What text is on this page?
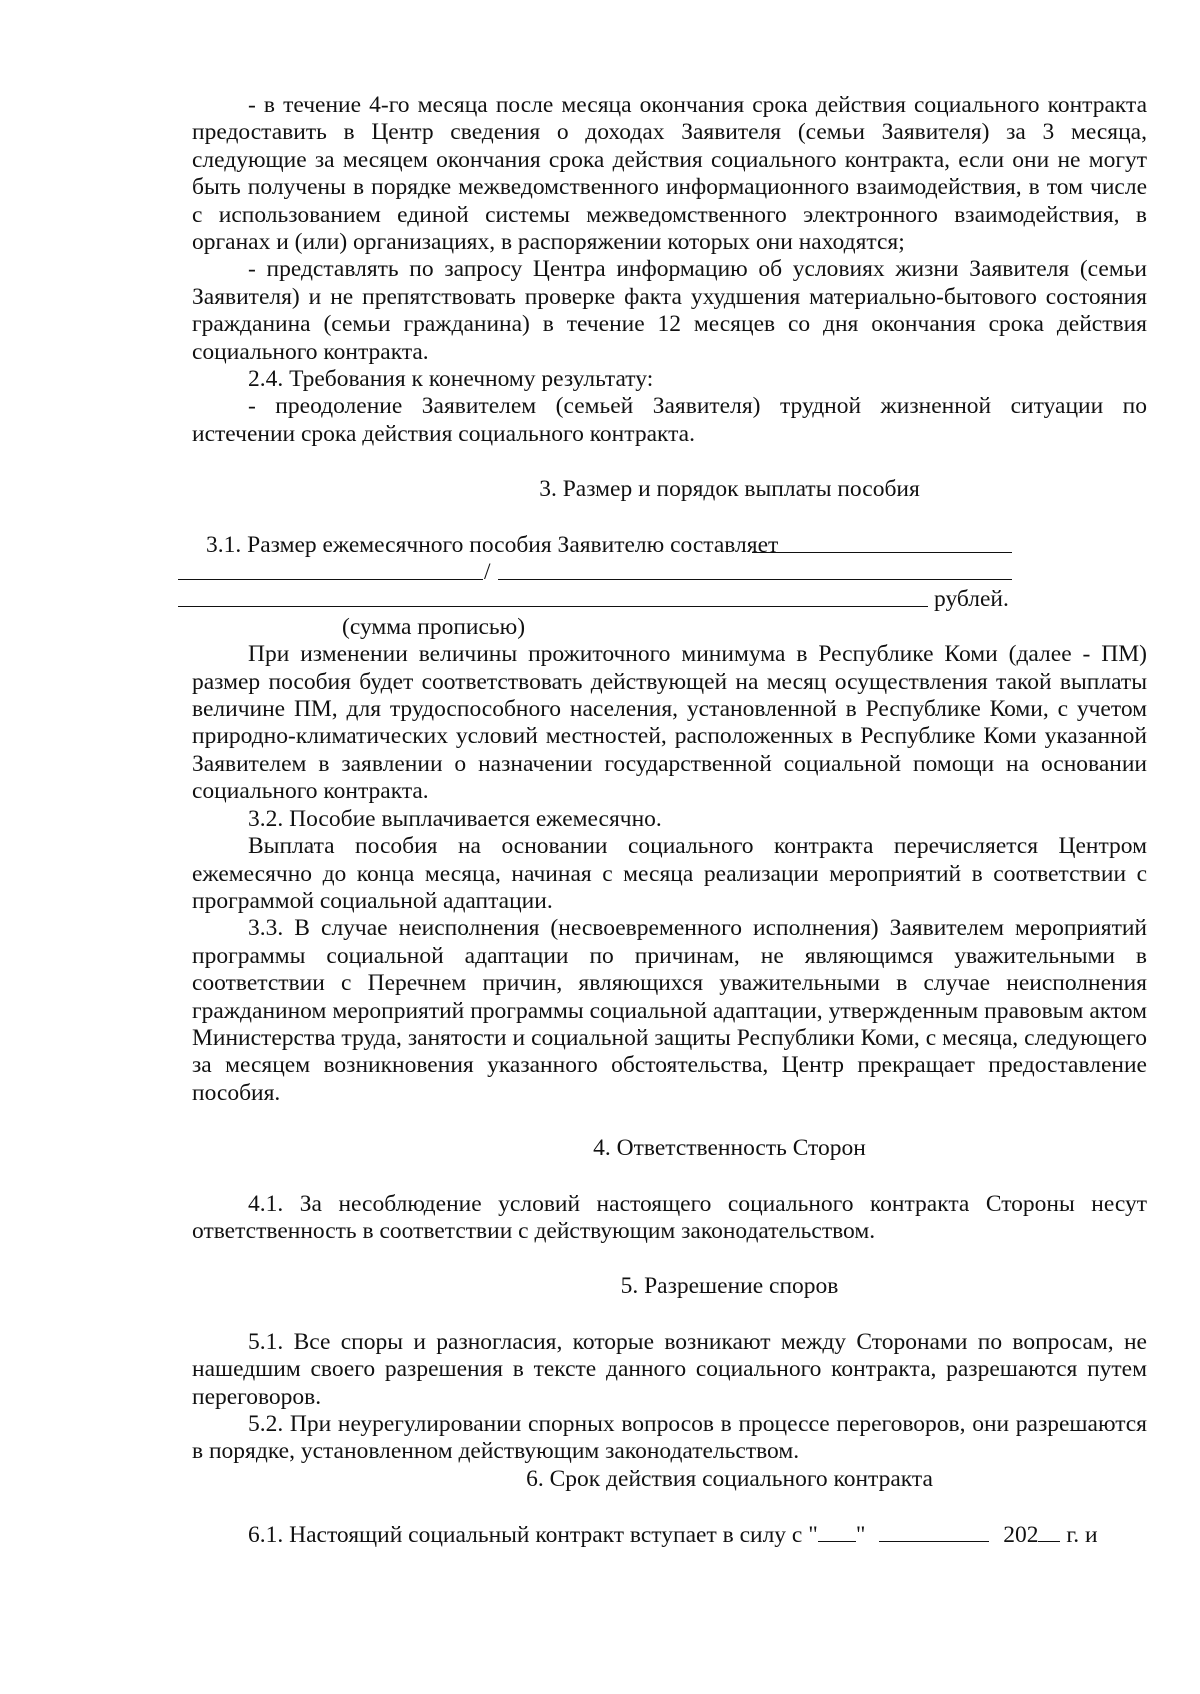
- в течение 4-го месяца после месяца окончания срока действия социального контракта предоставить в Центр сведения о доходах Заявителя (семьи Заявителя) за 3 месяца, следующие за месяцем окончания срока действия социального контракта, если они не могут быть получены в порядке межведомственного информационного взаимодействия, в том числе с использованием единой системы межведомственного электронного взаимодействия, в органах и (или) организациях, в распоряжении которых они находятся;

- представлять по запросу Центра информацию об условиях жизни Заявителя (семьи Заявителя) и не препятствовать проверке факта ухудшения материально-бытового состояния гражданина (семьи гражданина) в течение 12 месяцев со дня окончания срока действия социального контракта.

2.4. Требования к конечному результату:

- преодоление Заявителем (семьей Заявителя) трудной жизненной ситуации по истечении срока действия социального контракта.

3. Размер и порядок выплаты пособия

3.1. Размер ежемесячного пособия Заявителю составляет
/
рублей.

(сумма прописью)

При изменении величины прожиточного минимума в Республике Коми (далее - ПМ) размер пособия будет соответствовать действующей на месяц осуществления такой выплаты величине ПМ, для трудоспособного населения, установленной в Республике Коми, с учетом природно-климатических условий местностей, расположенных в Республике Коми указанной Заявителем в заявлении о назначении государственной социальной помощи на основании социального контракта.

3.2. Пособие выплачивается ежемесячно.

Выплата пособия на основании социального контракта перечисляется Центром ежемесячно до конца месяца, начиная с месяца реализации мероприятий в соответствии с программой социальной адаптации.

3.3. В случае неисполнения (несвоевременного исполнения) Заявителем мероприятий программы социальной адаптации по причинам, не являющимся уважительными в соответствии с Перечнем причин, являющихся уважительными в случае неисполнения гражданином мероприятий программы социальной адаптации, утвержденным правовым актом Министерства труда, занятости и социальной защиты Республики Коми, с месяца, следующего за месяцем возникновения указанного обстоятельства, Центр прекращает предоставление пособия.

4. Ответственность Сторон

4.1. За несоблюдение условий настоящего социального контракта Стороны несут ответственность в соответствии с действующим законодательством.

5. Разрешение споров

5.1. Все споры и разногласия, которые возникают между Сторонами по вопросам, не нашедшим своего разрешения в тексте данного социального контракта, разрешаются путем переговоров.

5.2. При неурегулировании спорных вопросов в процессе переговоров, они разрешаются в порядке, установленном действующим законодательством.

6. Срок действия социального контракта

6.1. Настоящий социальный контракт вступает в силу с " "	202 г. и
